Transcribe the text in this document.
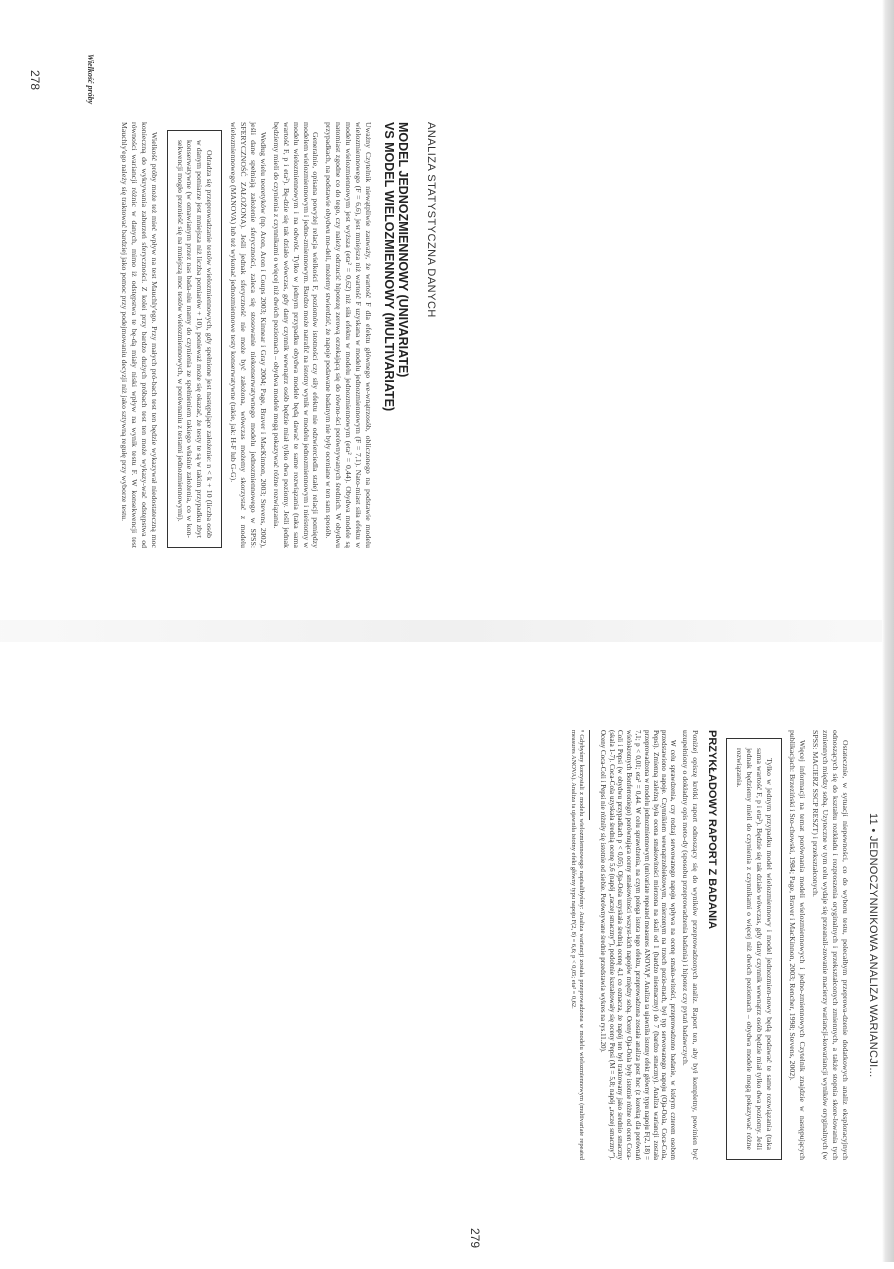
ANALIZA STATYSTYCZNA DANYCH
278

MODEL JEDNOZMIENNOWY (UNIVARIATE)

VS MODEL WIELOZMIENNOWY (MULTIVARIATE)

Uważny Czytelnik niewątpliwie zauważy, że wartość F dla efektu głównego we-wnątrzosób, obliczonego na podstawie modelu wielozmiennowego (F = 6,6), jest mniejsza niż wartość F uzyskana w modelu jednozmiennowym (F = 7,1). Nato-miast siła efektu w modelu wielozmiennowym jest wyższa (eta² = 0,62) niż siła efektu w modelu jednozmiennowym (eta² = 0,44). Obydwa modele są natomiast zgodne co do tego, czy należy odrzucić hipotezę zerową orzekającą się do równo-ści porównywanych średnich. W obydwu przypadkach, na podstawie obydwu mo-deli, możemy stwierdzić, że napoje podawane badanym nie były oceniane w ten sam sposób.

Generalnie, opisana powyżej relacja wielkości F, poziomów istotności czy siły efektu nie odzwierciedla stałej relacji pomiędzy modelem wielozmiennowym i jedno-zmiennowym. Bardzo może natrafić na istotny wynik w modelu jednozmiennowym i nieistotny w modelu wielozmiennowym i na odwrót. Tylko w jednym przypadku obydwa modele będą dawać te same rozwiązania (taka sama wartość F, p i eta²). Bę-dzie się tak działo wówczas, gdy dany czynnik wewnątrz osób będzie miał tylko dwa poziomy. Jeśli jednak będziemy mieli do czynienia z czynnikami o więcej niż dwóch poziomach – obydwa modele mogą pokazywać różne rozwiązania.

Według wielu teoretyków (np. Aron, Aron i Coups 2003; Kinnear i Gray 2004; Page, Braver i MacKinnon, 2003; Stevens, 2002), jeśli dane spełniają założenie sferyczności, zaleca się stosowanie niekonserwatywnego modelu jednozmiennowego w SPSS: SFERYCZNOŚĆ ZAŁOŻONA). Jeśli jednak sferyczność nie może być założona, wówczas możemy skorzystać z modelu wielozmiennowego (MANOVA) lub też wykonać jednozmiennowe testy konserwatywne (takie, jak: H-F lub G-G).

Odradza się przeprowadzanie testów wielozmiennowych, gdy spełnione jest następujące założenie: n < k + 10 (liczba osób w danym pomiarze jest mniejsza niż liczba pomiarów + 10), ponieważ może się okazać, że testy te są w takim przypadku zbyt konserwatywne (w omawianym przez nas bada-niu mamy do czynienia ze spełnieniem takiego właśnie założenia, co w kon-sekwencji mogło przenieść się na mniejszą moc testów wielozmiennowych, w porównaniu z testami jednozmiennowymi).

Wielkość próby może też mieć wpływ na test Mauchly'ego. Przy małych pró-bach test ten będzie wykazywał niedostateczną moc konieczną do wykrywania zaburzeń sferyczności. Z kolei przy bardzo dużych próbach test ten może wykazy-wać odstępstwa od równości wariancji różnic w danych, mimo iż odstępstwa te bę-dą miały niski wpływ na wynik testu F. W konsekwencji test Mauchly'ego należy się traktować bardziej jako pomoc przy podejmowaniu decyzji niż jako sztywną regułę przy wyborze testu.

Wielkość próby
11 • JEDNOCZYNNIKOWA ANALIZA WARIANCJI...
279

Ostatecznie, w sytuacji niepewności, co do wyboru testu, polecałbym przeprowa-dzenie dodatkowych analiz eksploracyjnych odnoszących się do kształtu rozkładu i rozproszenia oryginalnych i przekształconych zmiennych, a także stopnia skore-lowania tych zmiennych między sobą. Uzyteczne w tym celu wydaje się przeanali-zowanie macierzy wariancji-kowariancji wyników oryginalnych (w SPSS: MACIERZ SSCP RESZT) i przekształconych.

Więcej informacji na temat porównania modeli wielozmiennowych i jedno-zmiennowych Czytelnik znajdzie w następujących publikacjach: Brzeziński i Sto-chowski, 1984; Page, Braver i MacKinnon, 2003; Rencher, 1998; Stevens, 2002).

Tylko w jednym przypadku model wielozmiennowy i model jednozmien-nowy będą podawać te same rozwiązania (taka sama wartość F, p i eta²). Będzie się tak działo wówczas, gdy dany czynnik wewnątrz osób będzie miał tylko dwa poziomy. Jeśli jednak będziemy mieli do czynienia z czynnikami o więcej niż dwóch poziomach – obydwa modele mogą pokazywać różne rozwiązania.

PRZYKŁADOWY RAPORT Z BADANIA

Poniżej opiszę krótki raport odnoszący się do wyników przeprowadzonych analiz. Raport ten, aby był kompletny, powinien być uzupełniony o dokładny opis meto-dy (sposobu przeprowadzenia badania) i hipotez czy pytań badawczych.

W celu sprawdzenia, czy rodzaj serwowanego napoju wpływa na ocenę smako-witości, przeprowadzono badanie, w którym czterem osobom przedstawiono napoje. Czynnikiem wewnątrzobiektowym, mierzonym na trzech pozio-mach, był typ serwowanego napoju (Oja-Oola, Coca-Cola, Pepsi). Zmienną zależną była ocena smakowitości mierzona na skali od 1 (bardzo niesmaczny) do 7 (bardzo smaczny). Analiza wariancji została przeprowadzona w modelu jednozmiennowym (univariate repeated measures ANOVA)⁸. Analiza ta ujawniła istotny efekt główny typu napoju F(2, 18) = 7,1; p < 0,01; eta² = 0,44. W celu sprawdzenia, na czym polega istota tego efektu, przeprowadzona została analiza post hoc (z korektą dla porównań wielokrotnych Bonferroniego) porównująca oceny smakowitości wszyst-kich napojów między sobą. Oceny Oja-Oola były istotnie różne od ocen Coca-Coli i Pepsi (w obydwu przypadkach p < 0,05). Oja-Oola uzyskała średnią ocenę 4,1 co oznacza, że napój ten był traktowany jako średnio smaczny (skala 1-7). Coca-Cola uzyskała średnią ocenę 5,6 (napój „raczej smaczny”), podobnie kształtowały się oceny Pepsi (M = 5,8; napój „raczej smaczny”). Oceny Coca-Coli i Pepsi nie różniły się istotnie od siebie. Porównywane średnie przedstawia wykres na rys.11.20).

⁸ Gdybyśmy korzystali z modelu wielozmiennowego napisalibyśmy: Analiza wariancji została przeprowadzona w modelu wielozmiennowym (multivariate repeated measures ANOVA). Analiza ta ujawniła istotny efekt główny typu napoju F(2, 8) = 6,6; p < 0,05; eta² = 0,62.
